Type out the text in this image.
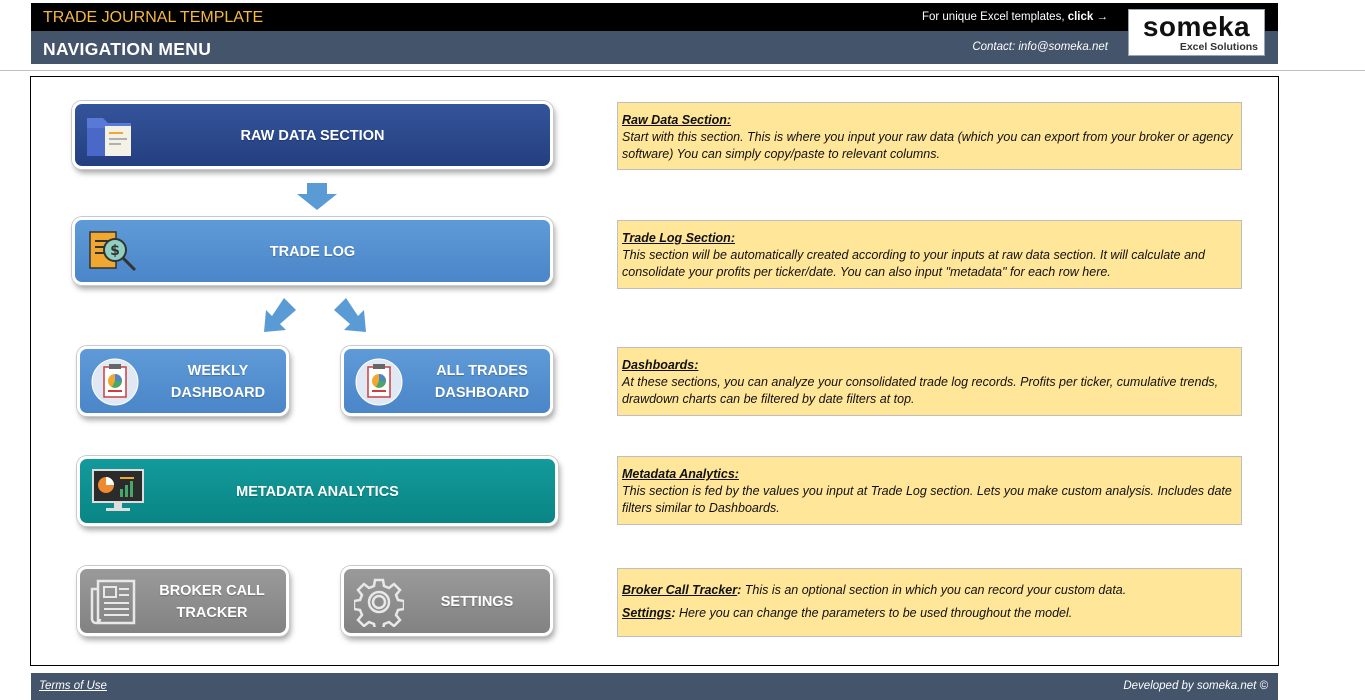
TRADE JOURNAL TEMPLATE	For unique Excel templates, click →
NAVIGATION MENU	Contact: info@someka.net
someka
Excel Solutions
RAW DATA SECTION
$	TRADE LOG
WEEKLY
DASHBOARD
ALL TRADES
DASHBOARD
METADATA ANALYTICS
BROKER CALL
TRACKER
SETTINGS
Raw Data Section:
Start with this section. This is where you input your raw data (which you can export from your broker or agency software) You can simply copy/paste to relevant columns.
Trade Log Section:
This section will be automatically created according to your inputs at raw data section. It will calculate and consolidate your profits per ticker/date. You can also input "metadata" for each row here.
Dashboards:
At these sections, you can analyze your consolidated trade log records. Profits per ticker, cumulative trends, drawdown charts can be filtered by date filters at top.
Metadata Analytics:
This section is fed by the values you input at Trade Log section. Lets you make custom analysis. Includes date filters similar to Dashboards.
Broker Call Tracker: This is an optional section in which you can record your custom data.
Settings: Here you can change the parameters to be used throughout the model.
Terms of Use	Developed by someka.net ©
